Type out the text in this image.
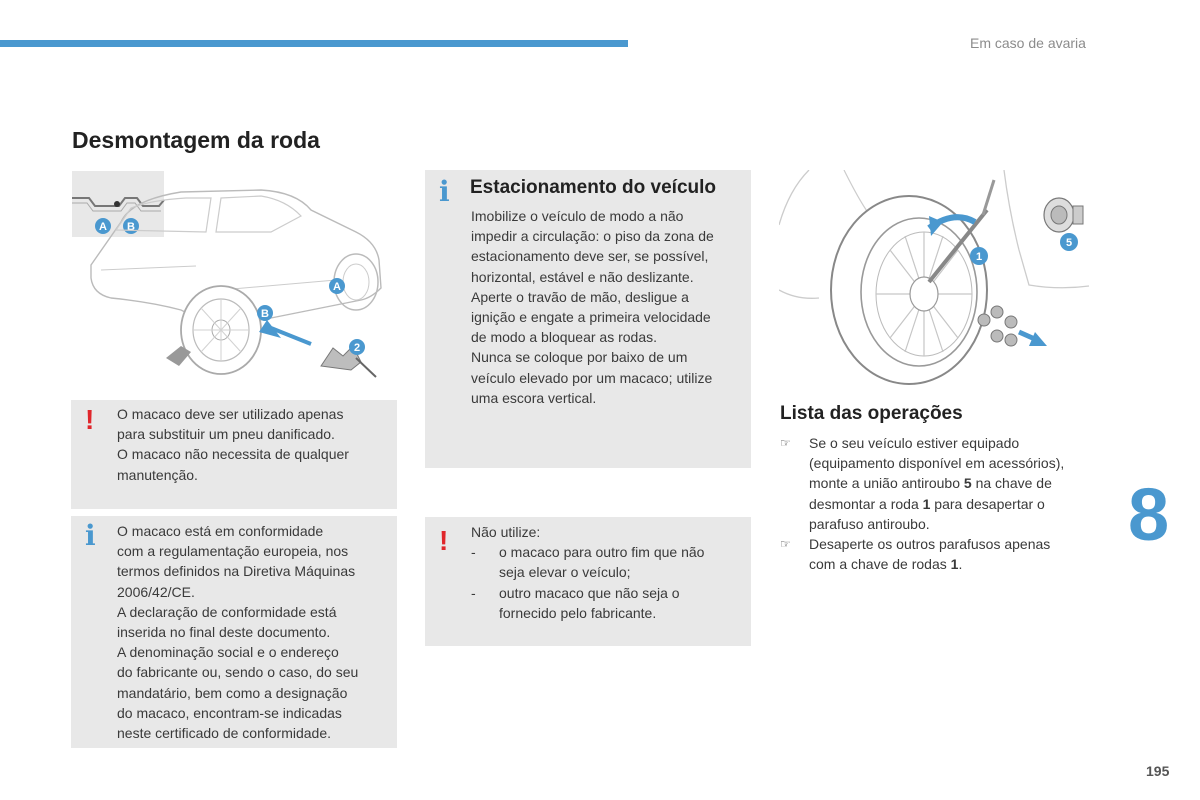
Em caso de avaria
Desmontagem da roda
8
195
A B
A
B
2
1
5
! O macaco deve ser utilizado apenas

para substituir um pneu danificado.

O macaco não necessita de qualquer

manutenção.

i O macaco está em conformidade

com a regulamentação europeia, nos

termos definidos na Diretiva Máquinas

2006/42/CE.

A declaração de conformidade está

inserida no final deste documento.

A denominação social e o endereço

do fabricante ou, sendo o caso, do seu

mandatário, bem como a designação

do macaco, encontram-se indicadas

neste certificado de conformidade.

i Estacionamento do veículo

Imobilize o veículo de modo a não

impedir a circulação: o piso da zona de

estacionamento deve ser, se possível,

horizontal, estável e não deslizante.

Aperte o travão de mão, desligue a

ignição e engate a primeira velocidade

de modo a bloquear as rodas.

Nunca se coloque por baixo de um

veículo elevado por um macaco; utilize

uma escora vertical.

! Não utilize:

- o macaco para outro fim que não
seja elevar o veículo;
- outro macaco que não seja o
fornecido pelo fabricante.
Lista das operações
☞ Se o seu veículo estiver equipado
(equipamento disponível em acessórios),
monte a união antiroubo 5 na chave de
desmontar a roda 1 para desapertar o
parafuso antiroubo.
☞ Desaperte os outros parafusos apenas
com a chave de rodas 1.
